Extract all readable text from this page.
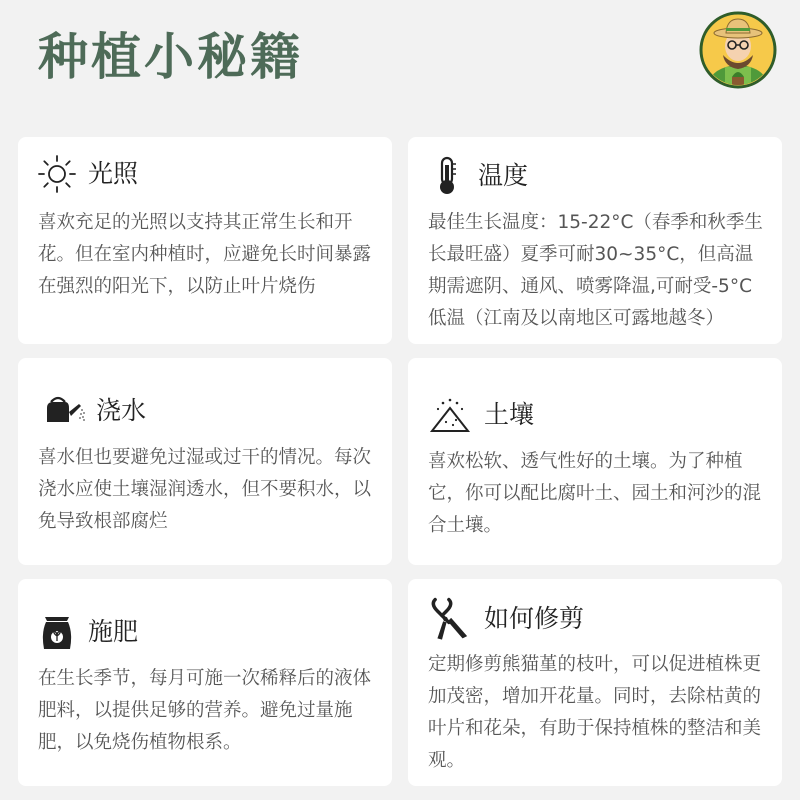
种植小秘籍
光照
喜欢充足的光照以支持其正常生长和开花。但在室内种植时，应避免长时间暴露在强烈的阳光下，以防止叶片烧伤
温度
最佳生长温度：15-22°C（春季和秋季生长最旺盛）夏季可耐30~35°C，但高温期需遮阴、通风、喷雾降温,可耐受-5°C低温（江南及以南地区可露地越冬）
浇水
喜水但也要避免过湿或过干的情况。每次浇水应使土壤湿润透水，但不要积水，以免导致根部腐烂
土壤
喜欢松软、透气性好的土壤。为了种植它，你可以配比腐叶土、园土和河沙的混合土壤。
施肥
在生长季节，每月可施一次稀释后的液体肥料，以提供足够的营养。避免过量施肥，以免烧伤植物根系。
如何修剪
定期修剪熊猫堇的枝叶，可以促进植株更加茂密，增加开花量。同时，去除枯黄的叶片和花朵，有助于保持植株的整洁和美观。
